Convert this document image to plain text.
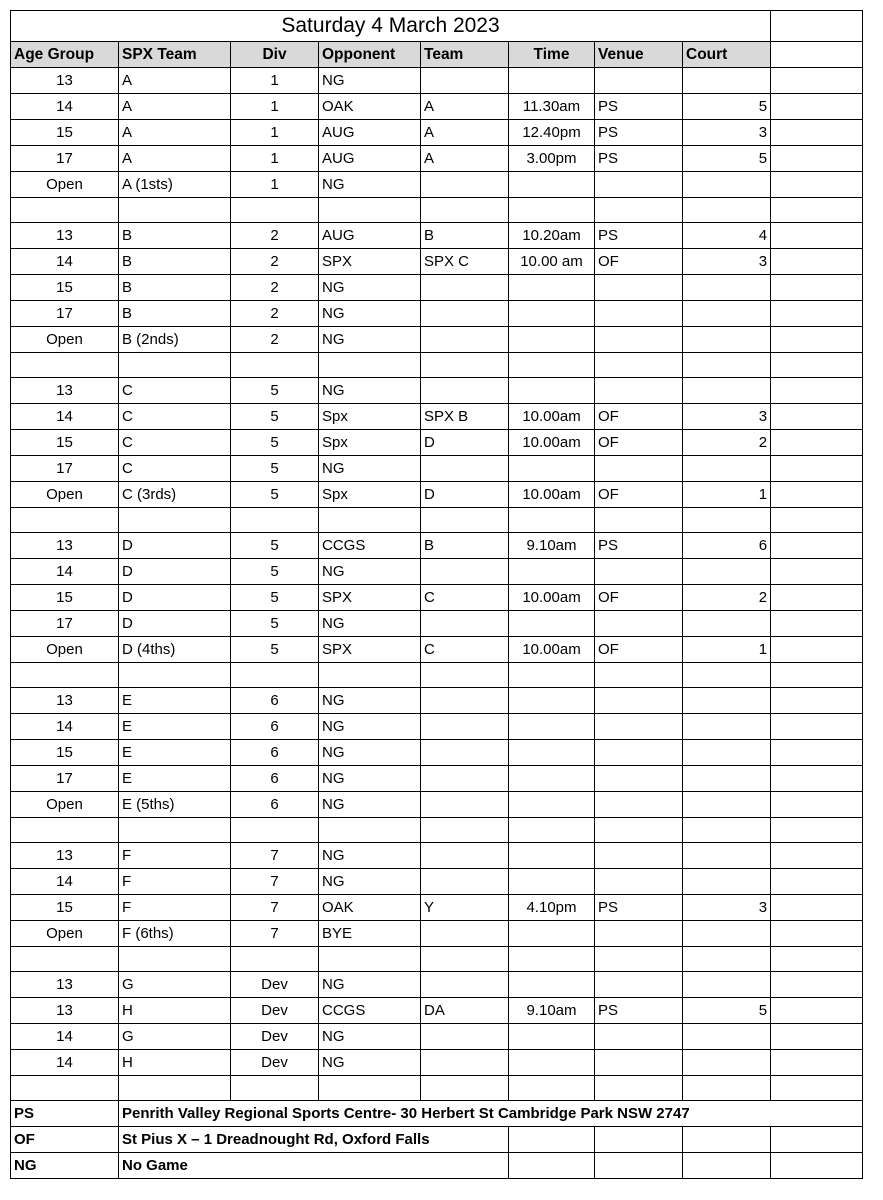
Saturday 4 March 2023								
Age Group	SPX Team	Div	Opponent	Team	Time	Venue	Court	
13	A	1	NG					
14	A	1	OAK	A	11.30am	PS	5	
15	A	1	AUG	A	12.40pm	PS	3	
17	A	1	AUG	A	3.00pm	PS	5	
Open	A (1sts)	1	NG					

13	B	2	AUG	B	10.20am	PS	4	
14	B	2	SPX	SPX C	10.00 am	OF	3	
15	B	2	NG					
17	B	2	NG					
Open	B (2nds)	2	NG					

13	C	5	NG					
14	C	5	Spx	SPX B	10.00am	OF	3	
15	C	5	Spx	D	10.00am	OF	2	
17	C	5	NG					
Open	C (3rds)	5	Spx	D	10.00am	OF	1	

13	D	5	CCGS	B	9.10am	PS	6	
14	D	5	NG					
15	D	5	SPX	C	10.00am	OF	2	
17	D	5	NG					
Open	D (4ths)	5	SPX	C	10.00am	OF	1	

13	E	6	NG					
14	E	6	NG					
15	E	6	NG					
17	E	6	NG					
Open	E (5ths)	6	NG					

13	F	7	NG					
14	F	7	NG					
15	F	7	OAK	Y	4.10pm	PS	3	
Open	F (6ths)	7	BYE					

13	G	Dev	NG					
13	H	Dev	CCGS	DA	9.10am	PS	5	
14	G	Dev	NG					
14	H	Dev	NG					

PS	Penrith Valley Regional Sports Centre- 30 Herbert St Cambridge Park NSW 2747							
OF	St Pius X – 1 Dreadnought Rd, Oxford Falls							
NG	No Game							
